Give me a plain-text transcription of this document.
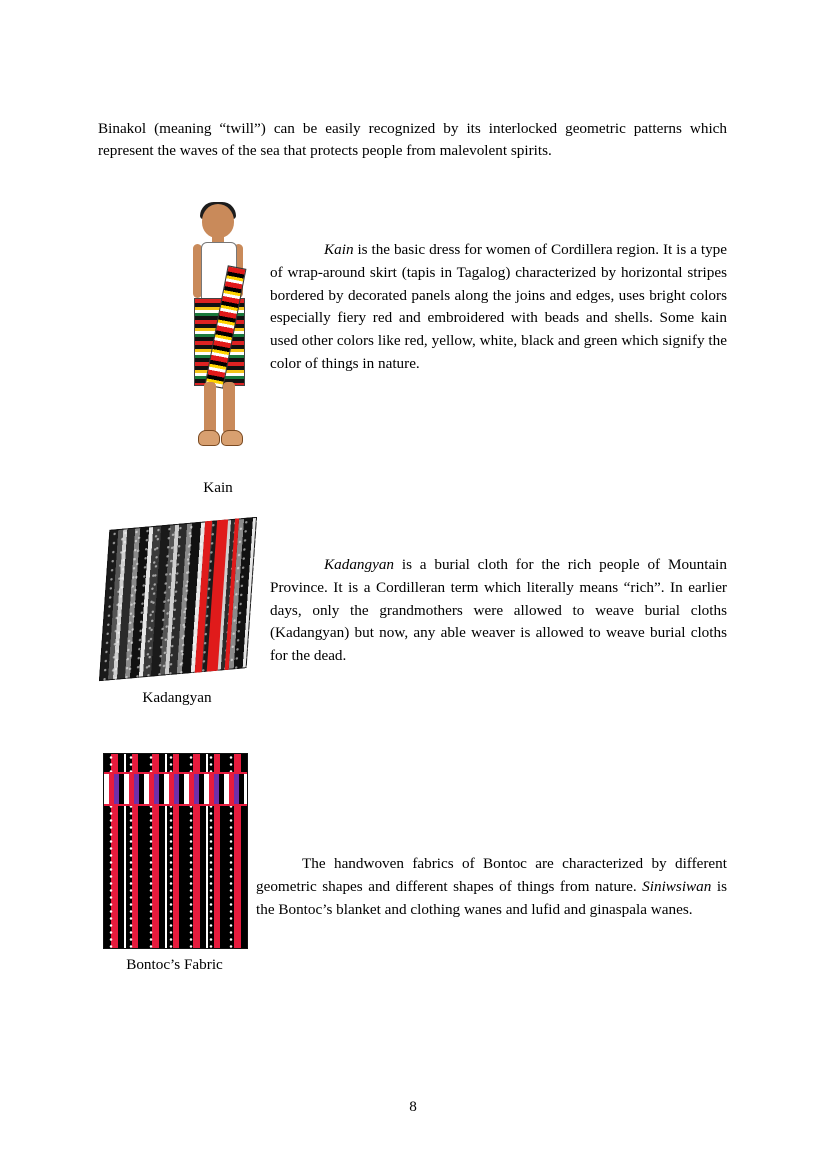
Binakol (meaning “twill”) can be easily recognized by its interlocked geometric patterns which represent the waves of the sea that protects people from malevolent spirits.

Kain
Kain is the basic dress for women of Cordillera region. It is a type of wrap-around skirt (tapis in Tagalog) characterized by horizontal stripes bordered by decorated panels along the joins and edges, uses bright colors especially fiery red and embroidered with beads and shells. Some kain used other colors like red, yellow, white, black and green which signify the color of things in nature.
Kadangyan
Kadangyan is a burial cloth for the rich people of Mountain Province. It is a Cordilleran term which literally means “rich”. In earlier days, only the grandmothers were allowed to weave burial cloths (Kadangyan) but now, any able weaver is allowed to weave burial cloths for the dead.
Bontoc’s Fabric
The handwoven fabrics of Bontoc are characterized by different geometric shapes and different shapes of things from nature. Siniwsiwan is the Bontoc’s blanket and clothing wanes and lufid and ginaspala wanes.
8
